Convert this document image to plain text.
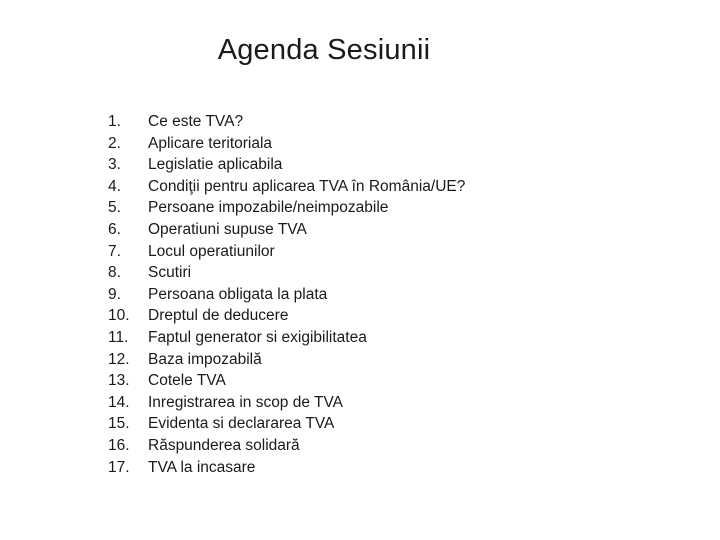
Agenda Sesiunii
1.	Ce este TVA?
2.	Aplicare teritoriala
3.	Legislatie aplicabila
4.	Condiţii pentru aplicarea TVA în România/UE?
5.	Persoane impozabile/neimpozabile
6.	Operatiuni supuse TVA
7.	Locul operatiunilor
8.	Scutiri
9.	Persoana obligata la plata
10.	Dreptul de deducere
11.	Faptul generator si exigibilitatea
12.	Baza impozabilă
13.	Cotele TVA
14.	Inregistrarea in scop de TVA
15.	Evidenta si declararea TVA
16.	Răspunderea solidară
17.	TVA la incasare
